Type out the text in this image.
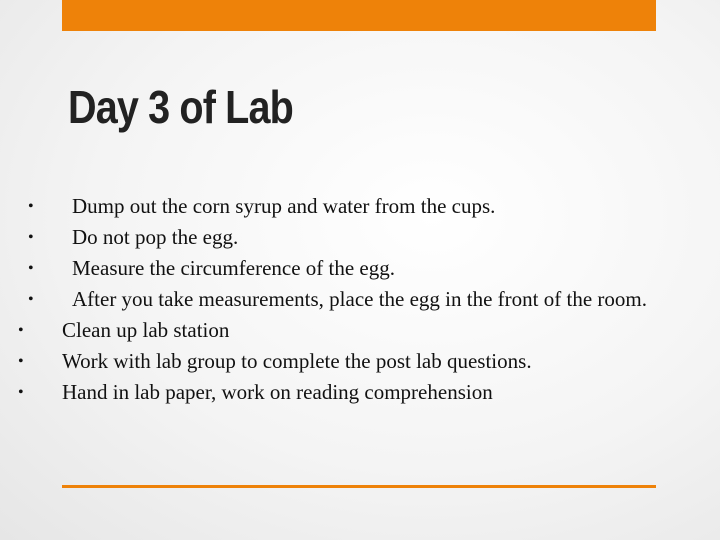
Day 3 of Lab
• Dump out the corn syrup and water from the cups.
• Do not pop the egg.
• Measure the circumference of the egg.
• After you take measurements, place the egg in the front of the room.
• Clean up lab station
• Work with lab group to complete the post lab questions.
• Hand in lab paper, work on reading comprehension
